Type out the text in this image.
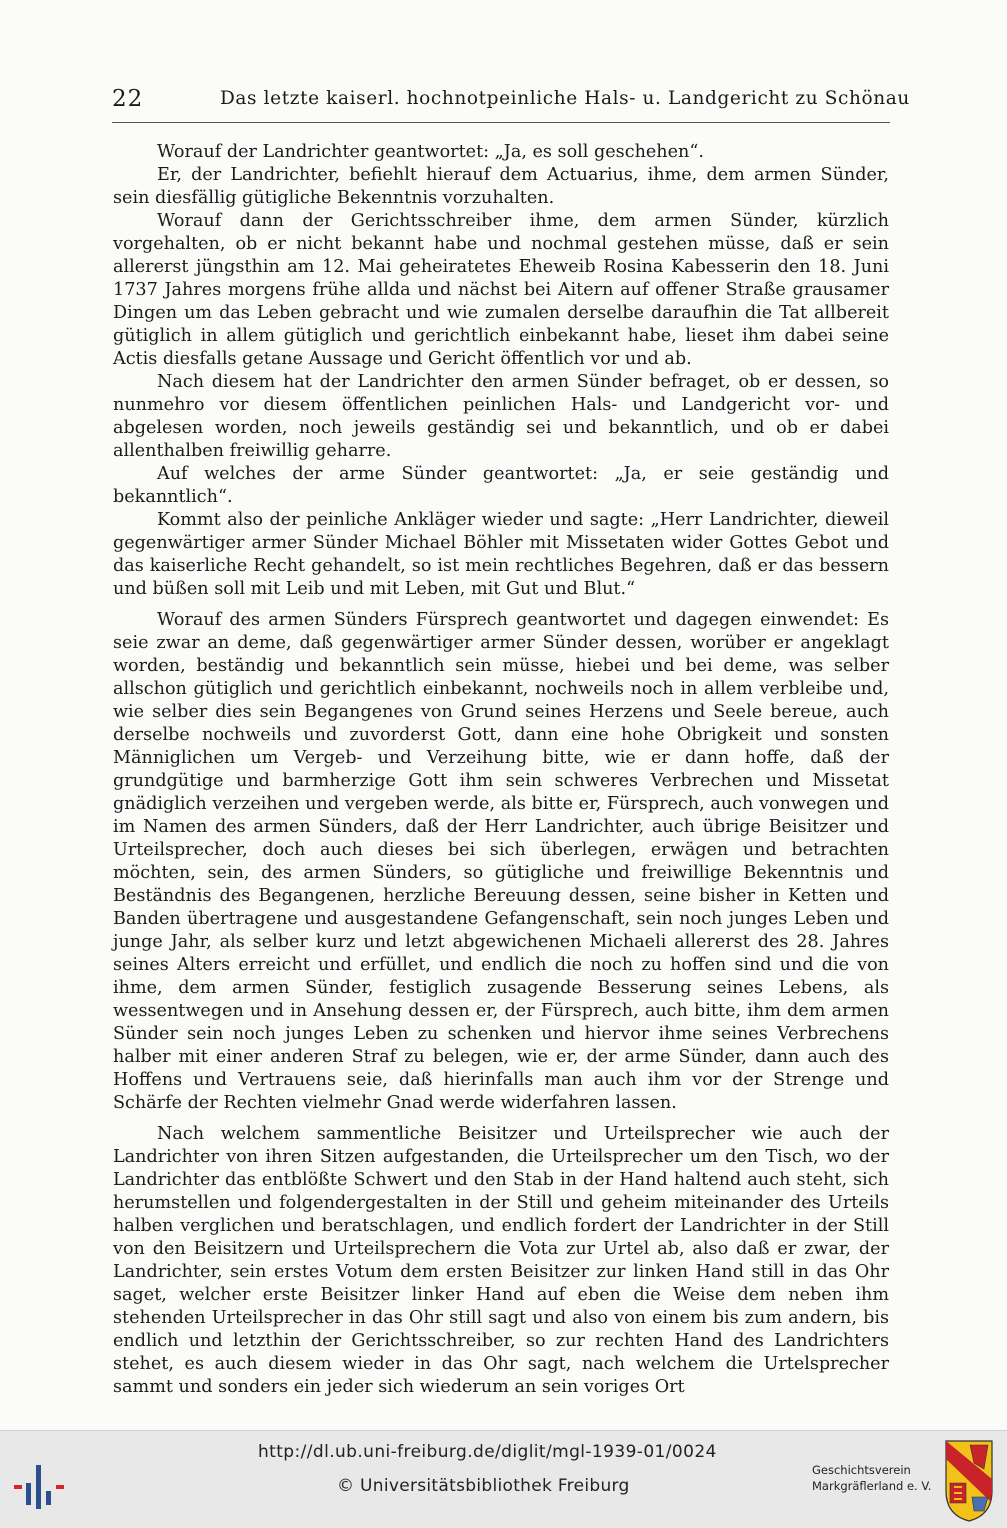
22	Das letzte kaiserl. hochnotpeinliche Hals- u. Landgericht zu Schönau

Worauf der Landrichter geantwortet: „Ja, es soll geschehen“.

Er, der Landrichter, befiehlt hierauf dem Actuarius, ihme, dem armen Sünder, sein diesfällig gütigliche Bekenntnis vorzuhalten.

Worauf dann der Gerichtsschreiber ihme, dem armen Sünder, kürzlich vorgehalten, ob er nicht bekannt habe und nochmal gestehen müsse, daß er sein allererst jüngsthin am 12. Mai geheiratetes Eheweib Rosina Kabesserin den 18. Juni 1737 Jahres morgens frühe allda und nächst bei Aitern auf offener Straße grausamer Dingen um das Leben gebracht und wie zumalen derselbe daraufhin die Tat allbereit gütiglich in allem gütiglich und gerichtlich einbekannt habe, lieset ihm dabei seine Actis diesfalls getane Aussage und Gericht öffentlich vor und ab.

Nach diesem hat der Landrichter den armen Sünder befraget, ob er dessen, so nunmehro vor diesem öffentlichen peinlichen Hals- und Landgericht vor- und abgelesen worden, noch jeweils geständig sei und bekanntlich, und ob er dabei allenthalben freiwillig geharre.

Auf welches der arme Sünder geantwortet: „Ja, er seie geständig und bekanntlich“.

Kommt also der peinliche Ankläger wieder und sagte: „Herr Landrichter, dieweil gegenwärtiger armer Sünder Michael Böhler mit Missetaten wider Gottes Gebot und das kaiserliche Recht gehandelt, so ist mein rechtliches Begehren, daß er das bessern und büßen soll mit Leib und mit Leben, mit Gut und Blut.“

Worauf des armen Sünders Fürsprech geantwortet und dagegen einwendet: Es seie zwar an deme, daß gegenwärtiger armer Sünder dessen, worüber er angeklagt worden, beständig und bekanntlich sein müsse, hiebei und bei deme, was selber allschon gütiglich und gerichtlich einbekannt, nochweils noch in allem verbleibe und, wie selber dies sein Begangenes von Grund seines Herzens und Seele bereue, auch derselbe nochweils und zuvorderst Gott, dann eine hohe Obrigkeit und sonsten Männiglichen um Vergeb- und Verzeihung bitte, wie er dann hoffe, daß der grundgütige und barmherzige Gott ihm sein schweres Verbrechen und Missetat gnädiglich verzeihen und vergeben werde, als bitte er, Fürsprech, auch vonwegen und im Namen des armen Sünders, daß der Herr Landrichter, auch übrige Beisitzer und Urteilsprecher, doch auch dieses bei sich überlegen, erwägen und betrachten möchten, sein, des armen Sünders, so gütigliche und freiwillige Bekenntnis und Beständnis des Begangenen, herzliche Bereuung dessen, seine bisher in Ketten und Banden übertragene und ausgestandene Gefangenschaft, sein noch junges Leben und junge Jahr, als selber kurz und letzt abgewichenen Michaeli allererst des 28. Jahres seines Alters erreicht und erfüllet, und endlich die noch zu hoffen sind und die von ihme, dem armen Sünder, festiglich zusagende Besserung seines Lebens, als wessentwegen und in Ansehung dessen er, der Fürsprech, auch bitte, ihm dem armen Sünder sein noch junges Leben zu schenken und hiervor ihme seines Verbrechens halber mit einer anderen Straf zu belegen, wie er, der arme Sünder, dann auch des Hoffens und Vertrauens seie, daß hierinfalls man auch ihm vor der Strenge und Schärfe der Rechten vielmehr Gnad werde widerfahren lassen.

Nach welchem sammentliche Beisitzer und Urteilsprecher wie auch der Landrichter von ihren Sitzen aufgestanden, die Urteilsprecher um den Tisch, wo der Landrichter das entblößte Schwert und den Stab in der Hand haltend auch steht, sich herumstellen und folgendergestalten in der Still und geheim miteinander des Urteils halben verglichen und beratschlagen, und endlich fordert der Landrichter in der Still von den Beisitzern und Urteilsprechern die Vota zur Urtel ab, also daß er zwar, der Landrichter, sein erstes Votum dem ersten Beisitzer zur linken Hand still in das Ohr saget, welcher erste Beisitzer linker Hand auf eben die Weise dem neben ihm stehenden Urteilsprecher in das Ohr still sagt und also von einem bis zum andern, bis endlich und letzthin der Gerichtsschreiber, so zur rechten Hand des Landrichters stehet, es auch diesem wieder in das Ohr sagt, nach welchem die Urtelsprecher sammt und sonders ein jeder sich wiederum an sein voriges Ort

http://dl.ub.uni-freiburg.de/diglit/mgl-1939-01/0024
© Universitätsbibliothek Freiburg
Geschichtsverein
Markgräflerland e. V.
